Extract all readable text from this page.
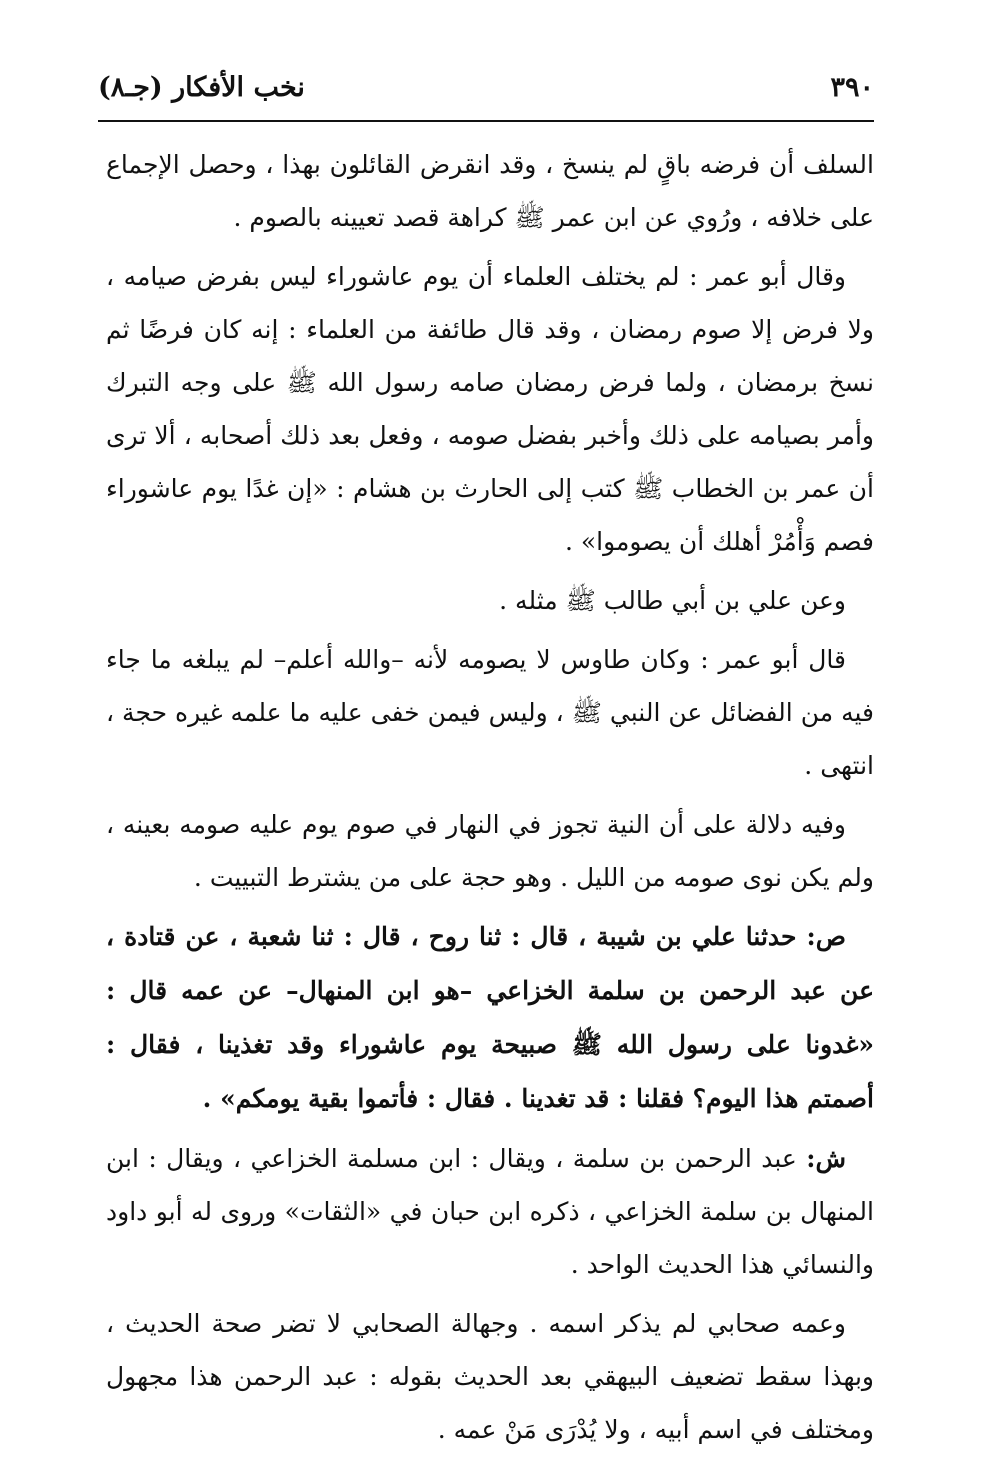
٣٩٠
نخب الأفكار (جـ٨)

السلف أن فرضه باقٍ لم ينسخ ، وقد انقرض القائلون بهذا ، وحصل الإجماع على خلافه ، ورُوي عن ابن عمر ﷺ كراهة قصد تعيينه بالصوم .

وقال أبو عمر : لم يختلف العلماء أن يوم عاشوراء ليس بفرض صيامه ، ولا فرض إلا صوم رمضان ، وقد قال طائفة من العلماء : إنه كان فرضًا ثم نسخ برمضان ، ولما فرض رمضان صامه رسول الله ﷺ على وجه التبرك وأمر بصيامه على ذلك وأخبر بفضل صومه ، وفعل بعد ذلك أصحابه ، ألا ترى أن عمر بن الخطاب ﷺ كتب إلى الحارث بن هشام : «إن غدًا يوم عاشوراء فصم وَأْمُرْ أهلك أن يصوموا» .

وعن علي بن أبي طالب ﷺ مثله .

قال أبو عمر : وكان طاوس لا يصومه لأنه –والله أعلم– لم يبلغه ما جاء فيه من الفضائل عن النبي ﷺ ، وليس فيمن خفى عليه ما علمه غيره حجة ، انتهى .

وفيه دلالة على أن النية تجوز في النهار في صوم يوم عليه صومه بعينه ، ولم يكن نوى صومه من الليل . وهو حجة على من يشترط التبييت .

ص: حدثنا علي بن شيبة ، قال : ثنا روح ، قال : ثنا شعبة ، عن قتادة ، عن عبد الرحمن بن سلمة الخزاعي –هو ابن المنهال– عن عمه قال : «غدونا على رسول الله ﷺ صبيحة يوم عاشوراء وقد تغذينا ، فقال : أصمتم هذا اليوم؟ فقلنا : قد تغدينا . فقال : فأتموا بقية يومكم» .

ش: عبد الرحمن بن سلمة ، ويقال : ابن مسلمة الخزاعي ، ويقال : ابن المنهال بن سلمة الخزاعي ، ذكره ابن حبان في «الثقات» وروى له أبو داود والنسائي هذا الحديث الواحد .

وعمه صحابي لم يذكر اسمه . وجهالة الصحابي لا تضر صحة الحديث ، وبهذا سقط تضعيف البيهقي بعد الحديث بقوله : عبد الرحمن هذا مجهول ومختلف في اسم أبيه ، ولا يُدْرَى مَنْ عمه .
